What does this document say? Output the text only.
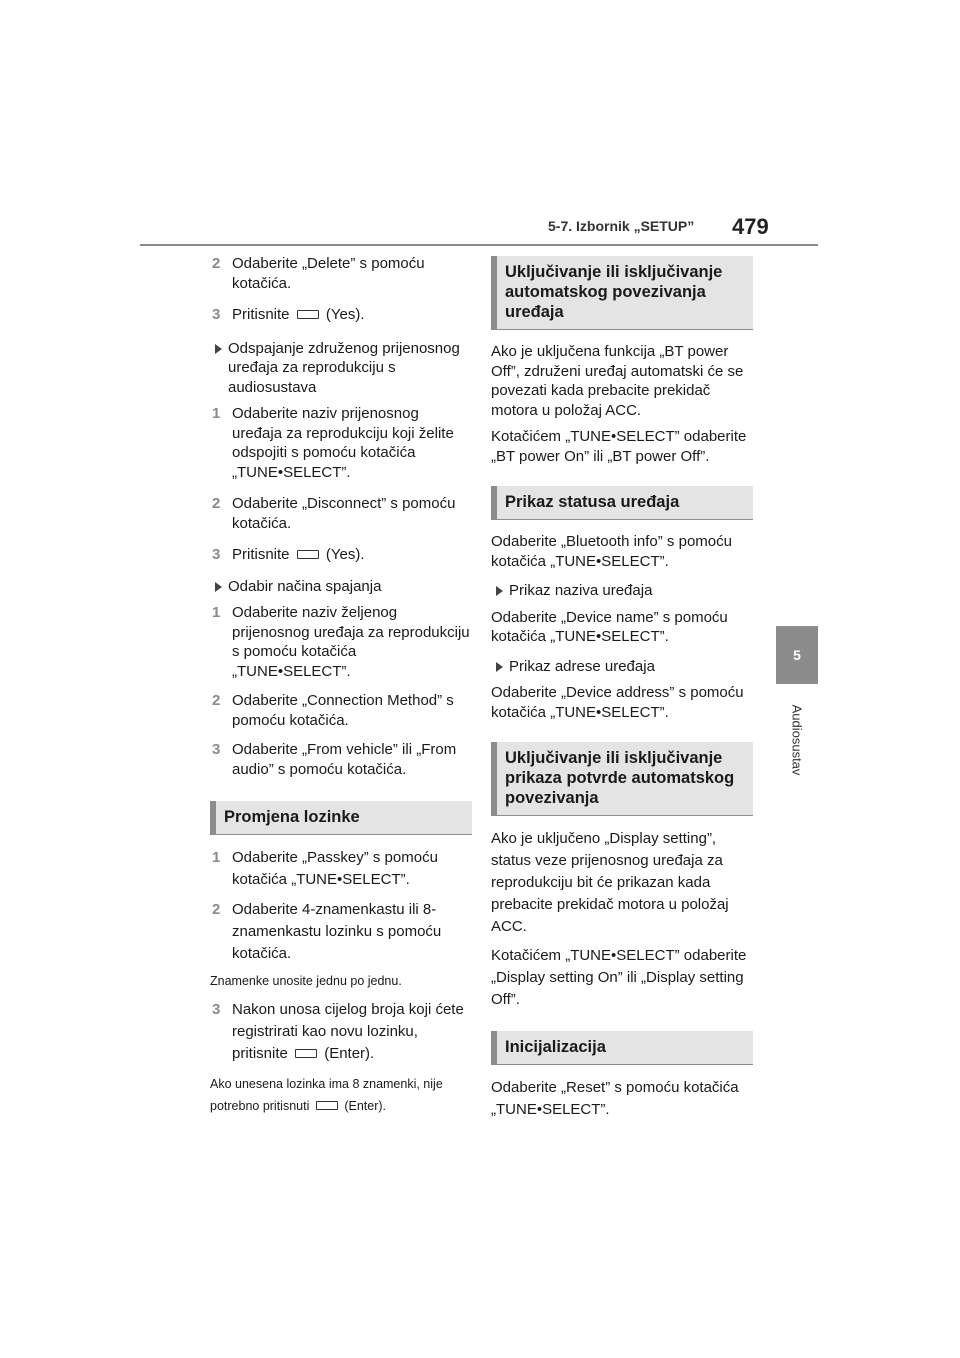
5-7. Izbornik „SETUP” 479
5
Audiosustav
2 Odaberite „Delete” s pomoću kotačića.
3 Pritisnite (Yes).
Odspajanje združenog prijenosnog uređaja za reprodukciju s audiosustava
1 Odaberite naziv prijenosnog uređaja za reprodukciju koji želite odspojiti s pomoću kotačića „TUNE•SELECT”.
2 Odaberite „Disconnect” s pomoću kotačića.
3 Pritisnite (Yes).
Odabir načina spajanja
1 Odaberite naziv željenog prijenosnog uređaja za reprodukciju s pomoću kotačića „TUNE•SELECT”.
2 Odaberite „Connection Method” s pomoću kotačića.
3 Odaberite „From vehicle” ili „From audio” s pomoću kotačića.
Promjena lozinke
1 Odaberite „Passkey” s pomoću kotačića „TUNE•SELECT”.
2 Odaberite 4-znamenkastu ili 8-znamenkastu lozinku s pomoću kotačića.
Znamenke unosite jednu po jednu.
3 Nakon unosa cijelog broja koji ćete registrirati kao novu lozinku, pritisnite (Enter).
Ako unesena lozinka ima 8 znamenki, nije potrebno pritisnuti	(Enter).
Uključivanje ili isključivanje automatskog povezivanja uređaja
Ako je uključena funkcija „BT power Off”, združeni uređaj automatski će se povezati kada prebacite prekidač motora u položaj ACC.
Kotačićem „TUNE•SELECT” odaberite „BT power On” ili „BT power Off”.
Prikaz statusa uređaja
Odaberite „Bluetooth info” s pomoću kotačića „TUNE•SELECT”.
Prikaz naziva uređaja
Odaberite „Device name” s pomoću kotačića „TUNE•SELECT”.
Prikaz adrese uređaja
Odaberite „Device address” s pomoću kotačića „TUNE•SELECT”.
Uključivanje ili isključivanje prikaza potvrde automatskog povezivanja
Ako je uključeno „Display setting”, status veze prijenosnog uređaja za reprodukciju bit će prikazan kada prebacite prekidač motora u položaj ACC.
Kotačićem „TUNE•SELECT” odaberite „Display setting On” ili „Display setting Off”.
Inicijalizacija
Odaberite „Reset” s pomoću kotačića „TUNE•SELECT”.
